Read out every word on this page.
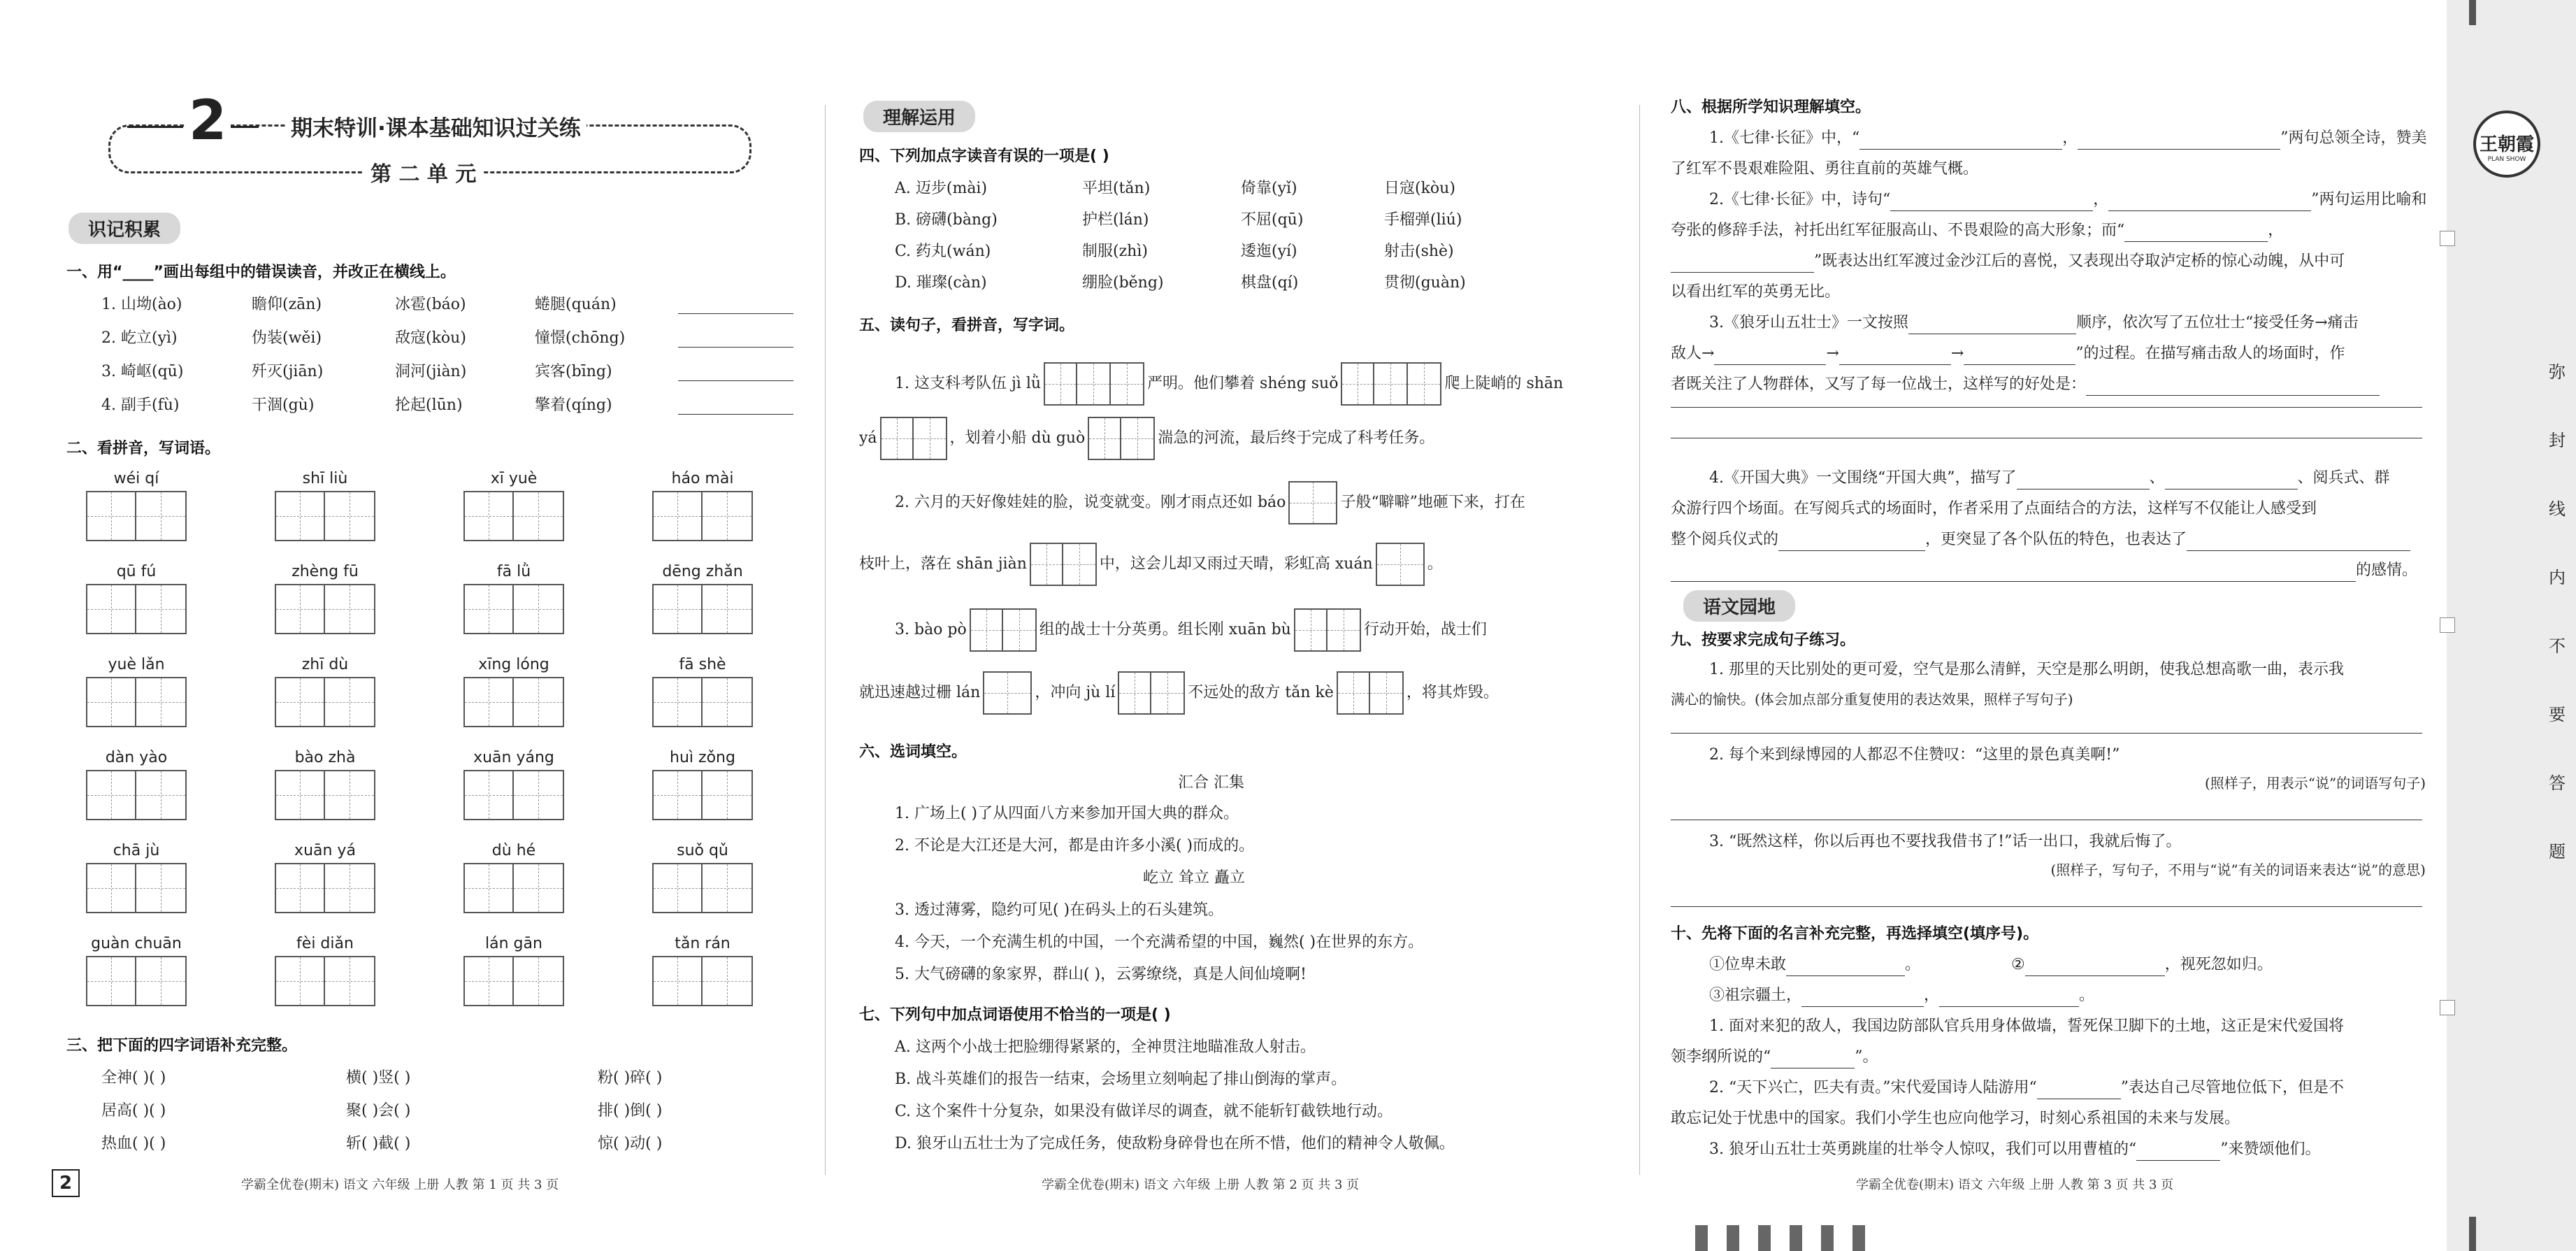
2	期末特训·课本基础知识过关练
第 二 单 元
识记积累
一、用“____”画出每组中的错误读音，并改正在横线上。
1. 山坳(ào)	瞻仰(zān)	冰雹(báo)	蜷腿(quán)
2. 屹立(yì)	伪装(wěi)	敌寇(kòu)	憧憬(chōng)
3. 崎岖(qū)	歼灭(jiān)	洞河(jiàn)	宾客(bīng)
4. 副手(fù)	干涸(gù)	抡起(lūn)	擎着(qíng)
二、看拼音，写词语。
wéi qí	shī liù	xī yuè	háo mài
qū fú	zhèng fū	fā lǜ	dēng zhǎn
yuè lǎn	zhī dù	xīng lóng	fā shè
dàn yào	bào zhà	xuān yáng	huì zǒng
chā jù	xuān yá	dù hé	suǒ qǔ
guàn chuān	fèi diǎn	lán gān	tǎn rán
三、把下面的四字词语补充完整。
全神( )( )	横( )竖( )	粉( )碎( )
居高( )( )	聚( )会( )	排( )倒( )
热血( )( )	斩( )截( )	惊( )动( )
2	学霸全优卷(期末) 语文 六年级 上册 人教 第 1 页 共 3 页
理解运用
四、下列加点字读音有误的一项是( )
A. 迈步(mài)	平坦(tǎn)	倚靠(yǐ)	日寇(kòu)
B. 磅礴(bàng)	护栏(lán)	不屈(qū)	手榴弹(liú)
C. 药丸(wán)	制服(zhì)	逶迤(yí)	射击(shè)
D. 璀璨(càn)	绷脸(běng)	棋盘(qí)	贯彻(guàn)
五、读句子，看拼音，写字词。
1. 这支科考队伍 jì lǜ	严明。他们攀着 shéng suǒ	爬上陡峭的 shān
yá	，划着小船 dù guò	湍急的河流，最后终于完成了科考任务。
2. 六月的天好像娃娃的脸，说变就变。刚才雨点还如 báo	子般“噼噼”地砸下来，打在
枝叶上，落在 shān jiàn	中，这会儿却又雨过天晴，彩虹高 xuán	。
3. bào pò	组的战士十分英勇。组长刚 xuān bù	行动开始，战士们
就迅速越过栅 lán	，冲向 jù lí	不远处的敌方 tǎn kè	，将其炸毁。
六、选词填空。
汇合 汇集
1. 广场上( )了从四面八方来参加开国大典的群众。
2. 不论是大江还是大河，都是由许多小溪( )而成的。
屹立 耸立 矗立
3. 透过薄雾，隐约可见( )在码头上的石头建筑。
4. 今天，一个充满生机的中国，一个充满希望的中国，巍然( )在世界的东方。
5. 大气磅礴的象家界，群山( )，云雾缭绕，真是人间仙境啊!
七、下列句中加点词语使用不恰当的一项是( )
A. 这两个小战士把脸绷得紧紧的，全神贯注地瞄准敌人射击。
B. 战斗英雄们的报告一结束，会场里立刻响起了排山倒海的掌声。
C. 这个案件十分复杂，如果没有做详尽的调查，就不能斩钉截铁地行动。
D. 狼牙山五壮士为了完成任务，使敌粉身碎骨也在所不惜，他们的精神令人敬佩。
学霸全优卷(期末) 语文 六年级 上册 人教 第 2 页 共 3 页
八、根据所学知识理解填空。
1.《七律·长征》中，“	，	”两句总领全诗，赞美
了红军不畏艰难险阻、勇往直前的英雄气概。
2.《七律·长征》中，诗句“	，	”两句运用比喻和
夸张的修辞手法，衬托出红军征服高山、不畏艰险的高大形象；而“	，
”既表达出红军渡过金沙江后的喜悦，又表现出夺取泸定桥的惊心动魄，从中可
以看出红军的英勇无比。
3.《狼牙山五壮士》一文按照	顺序，依次写了五位壮士“接受任务→痛击
敌人→	→	→	”的过程。在描写痛击敌人的场面时，作
者既关注了人物群体，又写了每一位战士，这样写的好处是：
4.《开国大典》一文围绕“开国大典”，描写了	、	、阅兵式、群
众游行四个场面。在写阅兵式的场面时，作者采用了点面结合的方法，这样写不仅能让人感受到
整个阅兵仪式的	，更突显了各个队伍的特色，也表达了
的感情。
语文园地
九、按要求完成句子练习。
1. 那里的天比别处的更可爱，空气是那么清鲜，天空是那么明朗，使我总想高歌一曲，表示我
满心的愉快。(体会加点部分重复使用的表达效果，照样子写句子)
2. 每个来到绿博园的人都忍不住赞叹：“这里的景色真美啊!”
(照样子，用表示“说”的词语写句子)
3. “既然这样，你以后再也不要找我借书了!”话一出口，我就后悔了。
(照样子，写句子，不用与“说”有关的词语来表达“说”的意思)
十、先将下面的名言补充完整，再选择填空(填序号)。
①位卑未敢	。	②	，视死忽如归。
③祖宗疆土，	，	。
1. 面对来犯的敌人，我国边防部队官兵用身体做墙，誓死保卫脚下的土地，这正是宋代爱国将
领李纲所说的“	”。
2. “天下兴亡，匹夫有责。”宋代爱国诗人陆游用“	”表达自己尽管地位低下，但是不
敢忘记处于忧患中的国家。我们小学生也应向他学习，时刻心系祖国的未来与发展。
3. 狼牙山五壮士英勇跳崖的壮举令人惊叹，我们可以用曹植的“	”来赞颂他们。
学霸全优卷(期末) 语文 六年级 上册 人教 第 3 页 共 3 页
王朝霞
PLAN SHOW
弥
封
线
内
不
要
答
题
